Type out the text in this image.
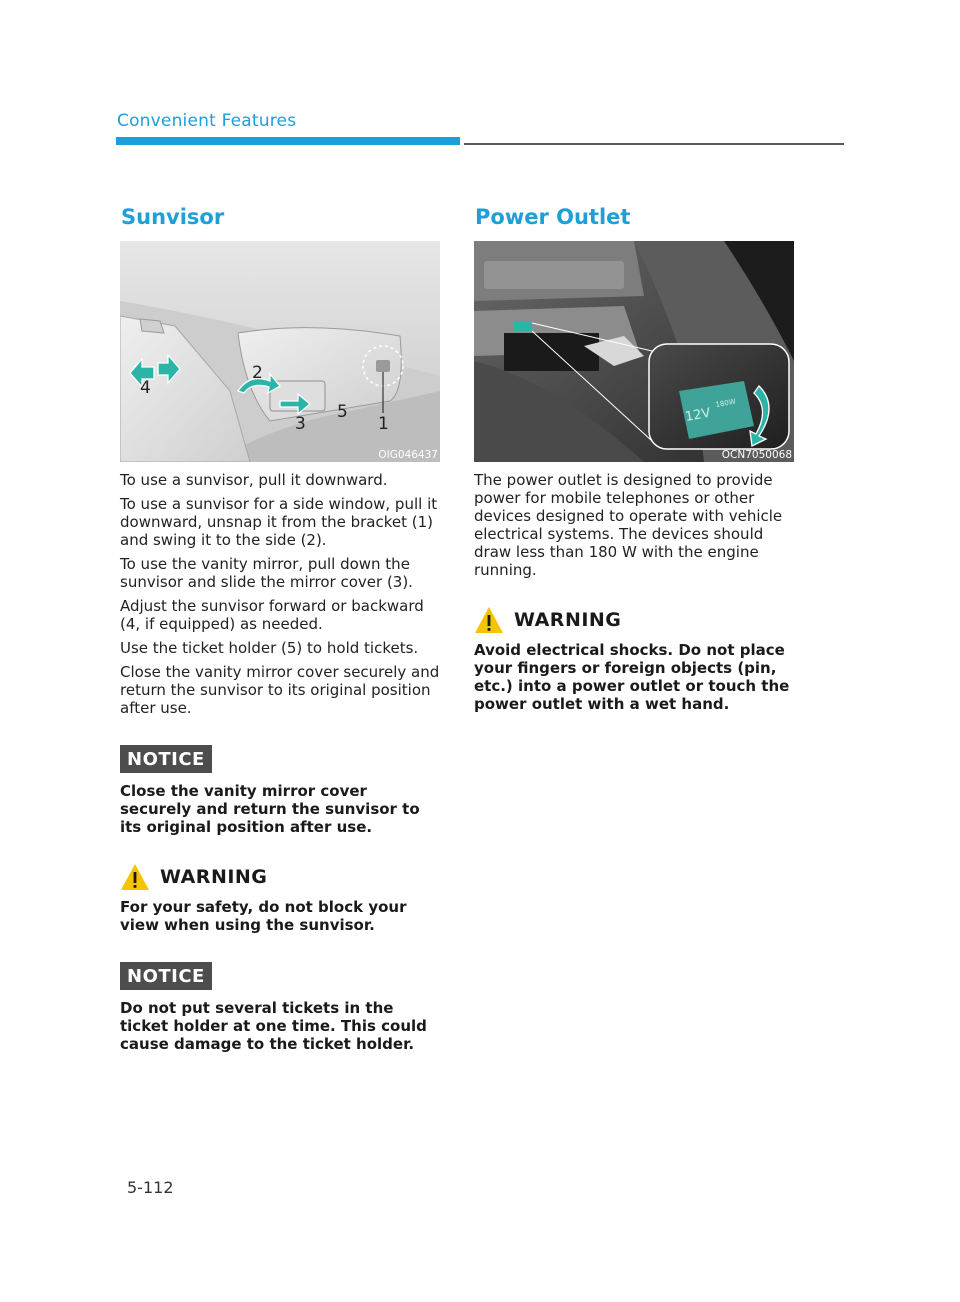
Convenient Features
Sunvisor
1
2
3
4
5
OIG046437

To use a sunvisor, pull it downward.

To use a sunvisor for a side window, pull it downward, unsnap it from the bracket (1) and swing it to the side (2).

To use the vanity mirror, pull down the sunvisor and slide the mirror cover (3).

Adjust the sunvisor forward or backward (4, if equipped) as needed.

Use the ticket holder (5) to hold tickets.

Close the vanity mirror cover securely and return the sunvisor to its original position after use.

NOTICE

Close the vanity mirror cover securely and return the sunvisor to its original position after use.

WARNING

For your safety, do not block your view when using the sunvisor.

NOTICE

Do not put several tickets in the ticket holder at one time. This could cause damage to the ticket holder.

Power Outlet
12V
180W
OCN7050068

The power outlet is designed to provide power for mobile telephones or other devices designed to operate with vehicle electrical systems. The devices should draw less than 180 W with the engine running.

WARNING

Avoid electrical shocks. Do not place your fingers or foreign objects (pin, etc.) into a power outlet or touch the power outlet with a wet hand.

5-112
